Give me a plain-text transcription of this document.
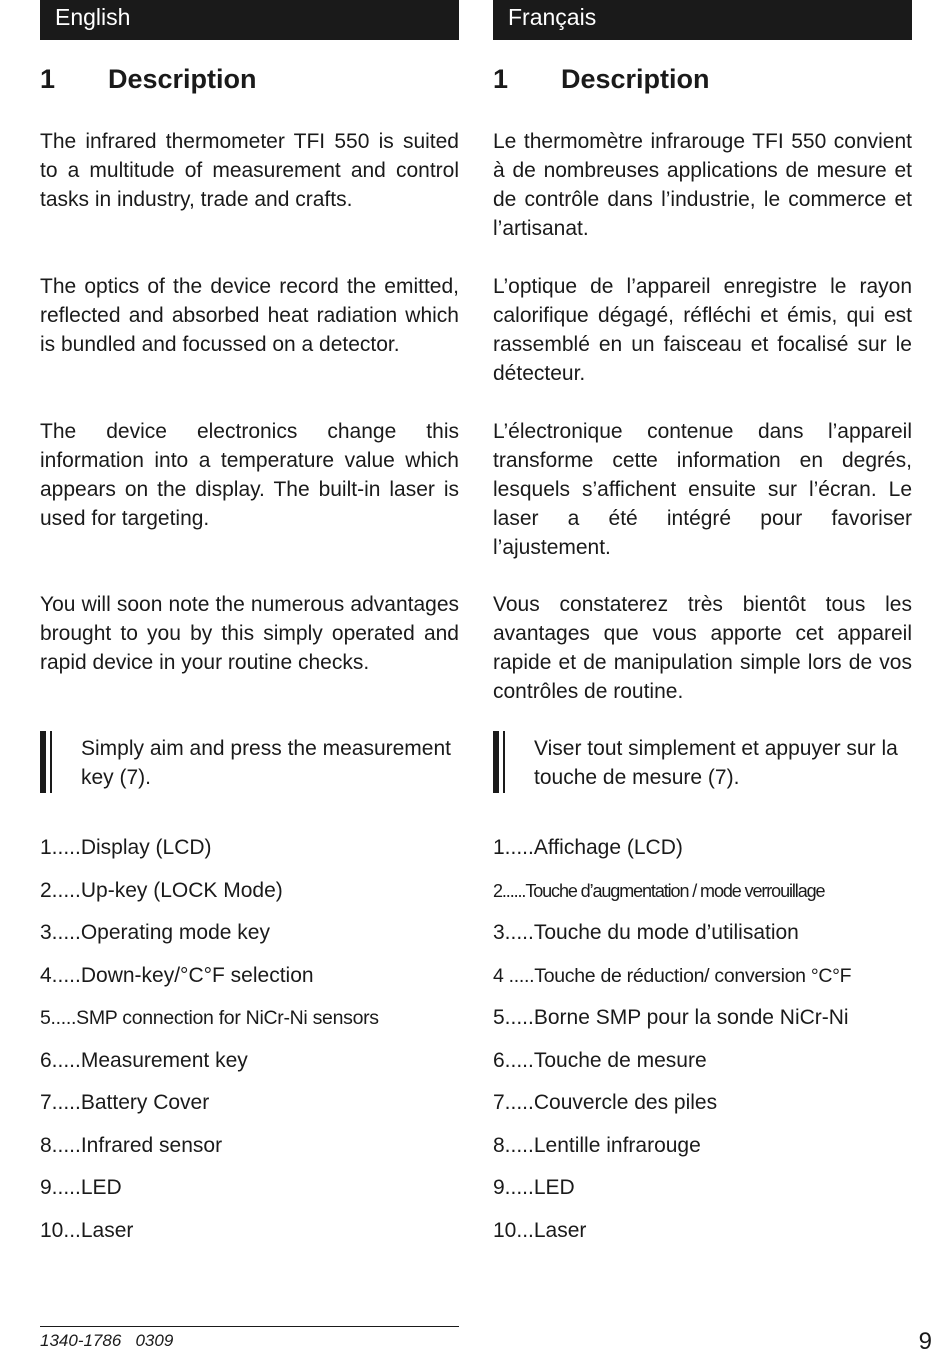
English
1 Description

The infrared thermometer TFI 550 is suited to a multitude of measurement and control tasks in industry, trade and crafts.

The optics of the device record the emitted, reflected and absorbed heat radiation which is bundled and focussed on a detector.

The device electronics change this information into a temperature value which appears on the display. The built-in laser is used for targeting.

You will soon note the numerous advantages brought to you by this simply operated and rapid device in your routine checks.

Simply aim and press the measurement key (7).

1.....Display (LCD)
2.....Up-key (LOCK Mode)
3.....Operating mode key
4.....Down-key/°C°F selection
5.....SMP connection for NiCr-Ni sensors
6.....Measurement key
7.....Battery Cover
8.....Infrared sensor
9.....LED
10...Laser
Français
1 Description

Le thermomètre infrarouge TFI 550 convient à de nombreuses applications de mesure et de contrôle dans l’industrie, le commerce et l’artisanat.

L’optique de l’appareil enregistre le rayon calorifique dégagé, réfléchi et émis, qui est rassemblé en un faisceau et focalisé sur le détecteur.

L’électronique contenue dans l’appareil transforme cette information en degrés, lesquels s’affichent ensuite sur l’écran. Le laser a été intégré pour favoriser l’ajustement.

Vous constaterez très bientôt tous les avantages que vous apporte cet appareil rapide et de manipulation simple lors de vos contrôles de routine.

Viser tout simplement et appuyer sur la touche de mesure (7).

1.....Affichage (LCD)
2......Touche d’augmentation / mode verrouillage
3.....Touche du mode d’utilisation
4 .....Touche de réduction/ conversion °C°F
5.....Borne SMP pour la sonde NiCr-Ni
6.....Touche de mesure
7.....Couvercle des piles
8.....Lentille infrarouge
9.....LED
10...Laser
1340-1786   0309	9
